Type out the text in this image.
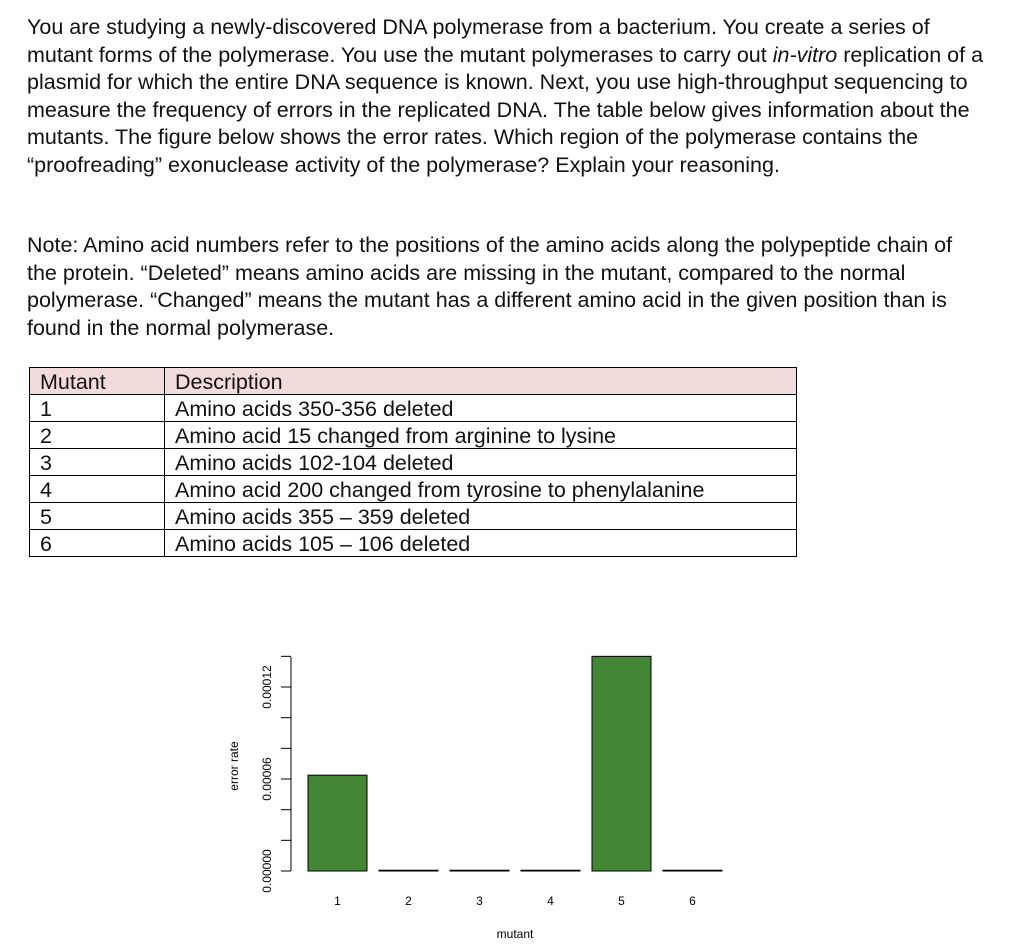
You are studying a newly-discovered DNA polymerase from a bacterium. You create a series of mutant forms of the polymerase. You use the mutant polymerases to carry out in-vitro replication of a plasmid for which the entire DNA sequence is known. Next, you use high-throughput sequencing to measure the frequency of errors in the replicated DNA. The table below gives information about the mutants. The figure below shows the error rates. Which region of the polymerase contains the “proofreading” exonuclease activity of the polymerase? Explain your reasoning.

Note: Amino acid numbers refer to the positions of the amino acids along the polypeptide chain of the protein. “Deleted” means amino acids are missing in the mutant, compared to the normal polymerase. “Changed” means the mutant has a different amino acid in the given position than is found in the normal polymerase.

Mutant	Description
1	Amino acids 350-356 deleted
2	Amino acid 15 changed from arginine to lysine
3	Amino acids 102-104 deleted
4	Amino acid 200 changed from tyrosine to phenylalanine
5	Amino acids 355 – 359 deleted
6	Amino acids 105 – 106 deleted
0.00000
0.00006
0.00012
error rate
1	2	3	4	5	6
mutant
